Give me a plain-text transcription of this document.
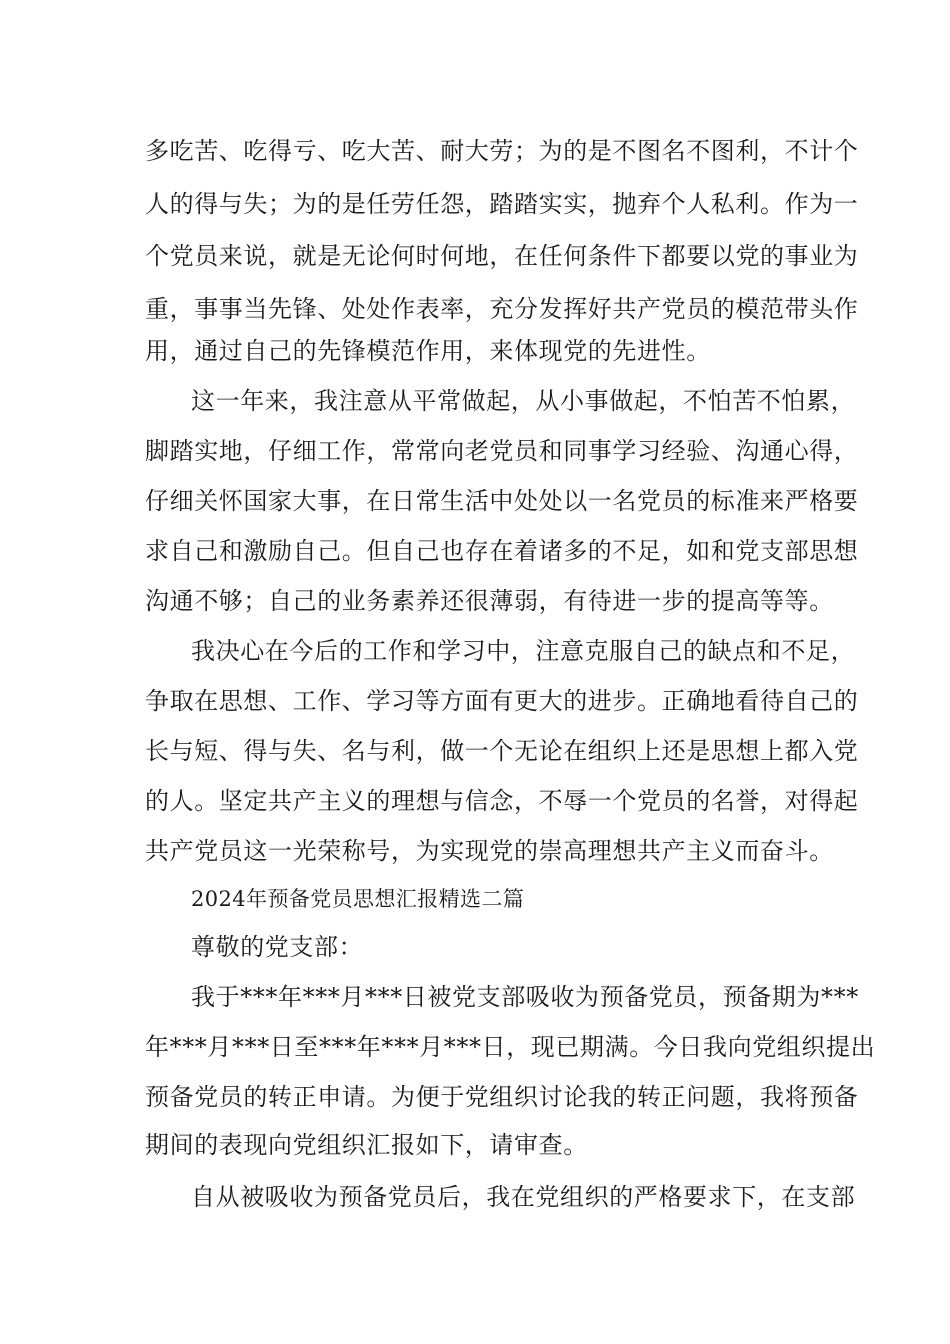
多吃苦、吃得亏、吃大苦、耐大劳；为的是不图名不图利，不计个
人的得与失；为的是任劳任怨，踏踏实实，抛弃个人私利。作为一
个党员来说，就是无论何时何地，在任何条件下都要以党的事业为
重，事事当先锋、处处作表率，充分发挥好共产党员的模范带头作
用，通过自己的先锋模范作用，来体现党的先进性。
这一年来，我注意从平常做起，从小事做起，不怕苦不怕累，
脚踏实地，仔细工作，常常向老党员和同事学习经验、沟通心得，
仔细关怀国家大事，在日常生活中处处以一名党员的标准来严格要
求自己和激励自己。但自己也存在着诸多的不足，如和党支部思想
沟通不够；自己的业务素养还很薄弱，有待进一步的提高等等。
我决心在今后的工作和学习中，注意克服自己的缺点和不足，
争取在思想、工作、学习等方面有更大的进步。正确地看待自己的
长与短、得与失、名与利，做一个无论在组织上还是思想上都入党
的人。坚定共产主义的理想与信念，不辱一个党员的名誉，对得起
共产党员这一光荣称号，为实现党的崇高理想共产主义而奋斗。
2024年预备党员思想汇报精选二篇
尊敬的党支部：
我于***年***月***日被党支部吸收为预备党员，预备期为***
年***月***日至***年***月***日，现已期满。今日我向党组织提出
预备党员的转正申请。为便于党组织讨论我的转正问题，我将预备
期间的表现向党组织汇报如下，请审查。
自从被吸收为预备党员后，我在党组织的严格要求下，在支部
